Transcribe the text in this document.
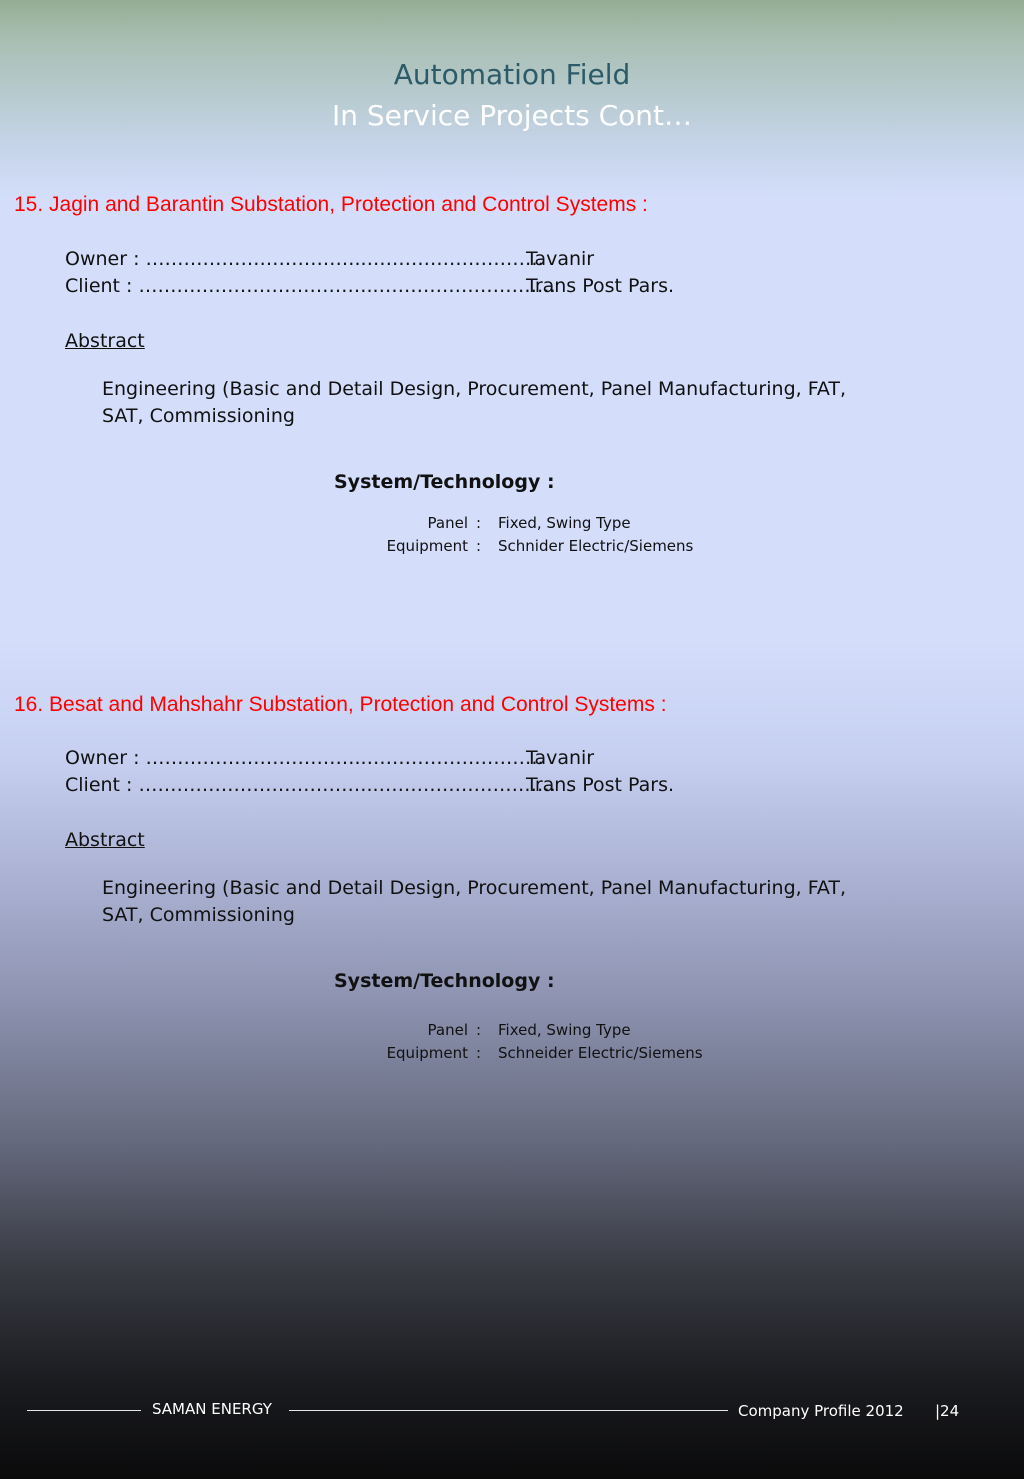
Automation Field
In Service Projects Cont…
15. Jagin and Barantin Substation, Protection and Control Systems :
Owner : ……………………………..……………………….
Tavanir
Client : ………………………………..……………………….
Trans Post Pars.
Abstract
Engineering (Basic and Detail Design, Procurement, Panel Manufacturing, FAT, SAT, Commissioning
System/Technology :
Panel : Fixed, Swing Type
Equipment : Schnider Electric/Siemens
16. Besat and Mahshahr Substation, Protection and Control Systems :
Owner : ……………………………..……………………….
Tavanir
Client : ………………………………..……………………….
Trans Post Pars.
Abstract
Engineering (Basic and Detail Design, Procurement, Panel Manufacturing, FAT, SAT, Commissioning
System/Technology :
Panel : Fixed, Swing Type
Equipment : Schneider Electric/Siemens
SAMAN ENERGY	Company Profile 2012 |24
